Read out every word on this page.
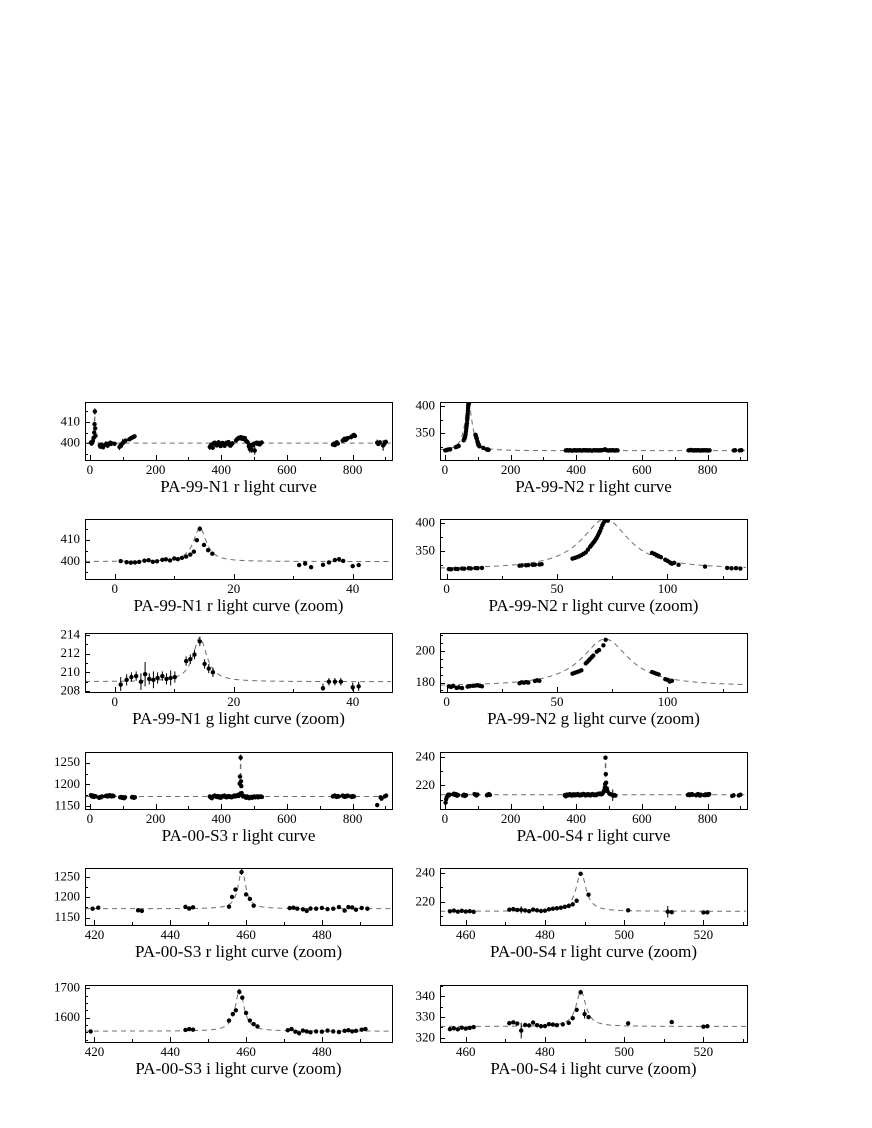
PA-99-N1 r light curve	PA-99-N2 r light curve
PA-99-N1 r light curve (zoom)	PA-99-N2 r light curve (zoom)
PA-99-N1 g light curve (zoom)	PA-99-N2 g light curve (zoom)
PA-00-S3 r light curve	PA-00-S4 r light curve
PA-00-S3 r light curve (zoom)	PA-00-S4 r light curve (zoom)
PA-00-S3 i light curve (zoom)	PA-00-S4 i light curve (zoom)
